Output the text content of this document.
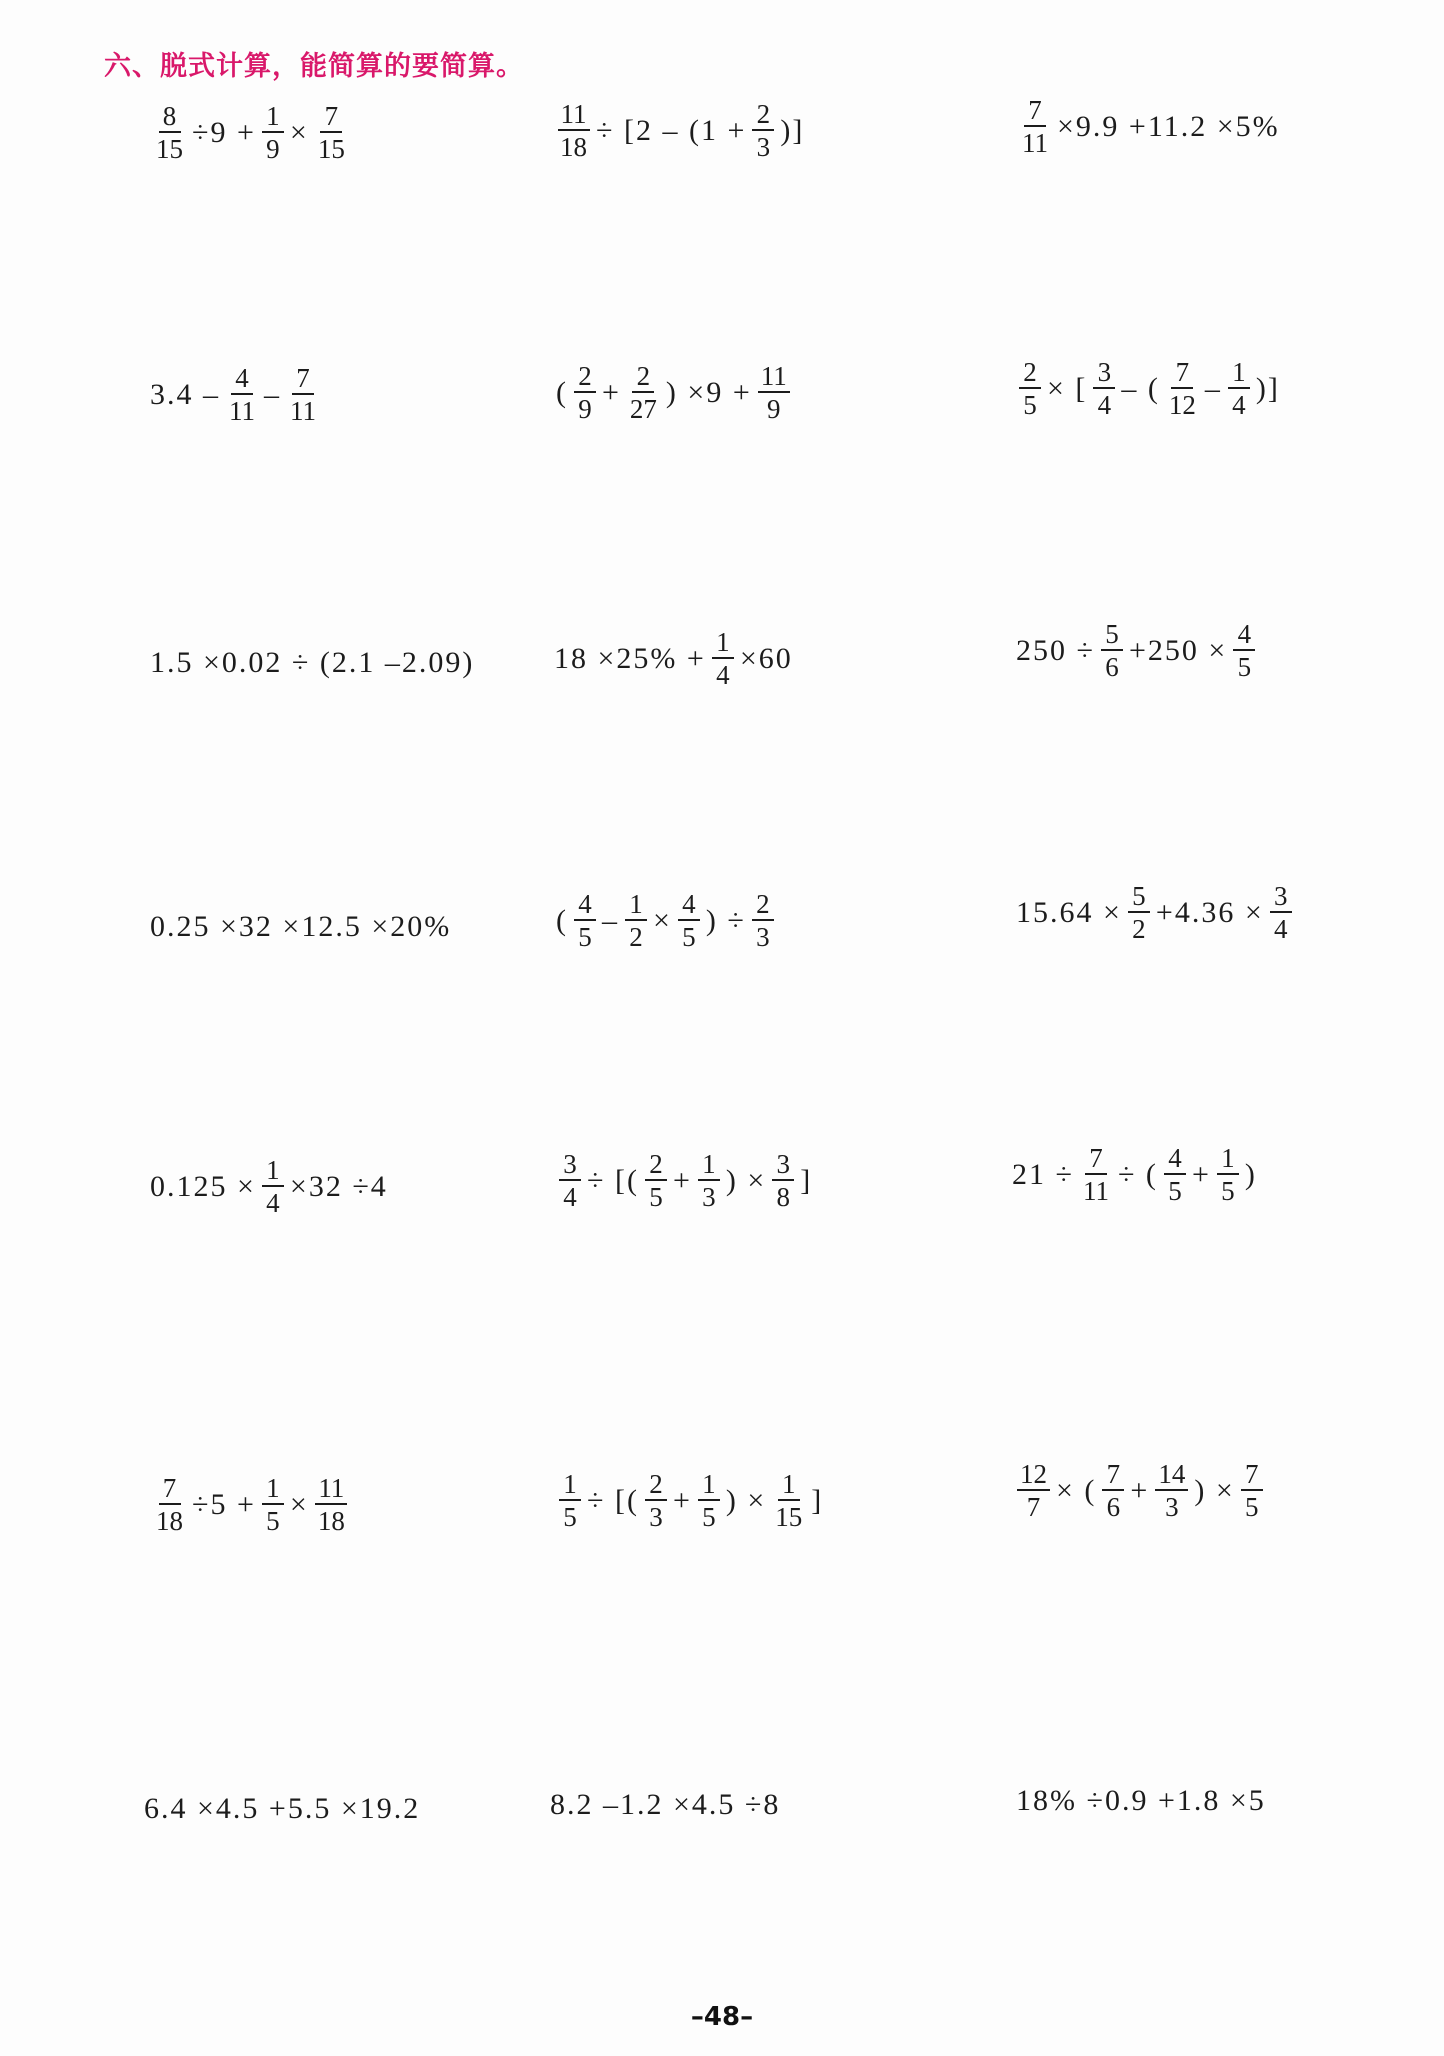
六、脱式计算，能简算的要简算。
$\frac{8}{15} \div 9 + \frac{1}{9} \times \frac{7}{15}$	$\frac{11}{18} \div [2 - (1 + \frac{2}{3}$ )]	$\frac{7}{11} \times 9.9 +11.2 \times 5\%$
$3.4 - \frac{4}{11} - \frac{7}{11}$	( $\frac{2}{9} + \frac{2}{27}$ ) $\times 9 + \frac{11}{9}$	$\frac{2}{5}$ × [ $\frac{3}{4}$ – ( $\frac{7}{12} - \frac{1}{4}$ )]
1.5 ×0.02 ÷ (2.1 –2.09)	$18 \times 25\% + \frac{1}{4} \times 60$	$250 \div \frac{5}{6} +250 \times \frac{4}{5}$
0.25 ×32 ×12.5 ×20%	( $\frac{4}{5} - \frac{1}{2} \times \frac{4}{5}$ ) ÷ $\frac{2}{3}$	$15.64 \times \frac{5}{2} +4.36 \times \frac{3}{4}$
$0.125 \times \frac{1}{4} \times 32 \div 4$	$\frac{3}{4}$ ÷ [( $\frac{2}{5} + \frac{1}{3}$ ) × $\frac{3}{8}$ ]	$21 \div \frac{7}{11}$ ÷ ( $\frac{4}{5} + \frac{1}{5}$ )
$\frac{7}{18} \div 5 + \frac{1}{5} \times \frac{11}{18}$	$\frac{1}{5}$ ÷ [( $\frac{2}{3} + \frac{1}{5}$ ) × $\frac{1}{15}$ ]	$\frac{12}{7}$ × ( $\frac{7}{6} + \frac{14}{3}$ ) × $\frac{7}{5}$
6.4 ×4.5 +5.5 ×19.2	8.2 –1.2 ×4.5 ÷8	18% ÷0.9 +1.8 ×5
–48–
